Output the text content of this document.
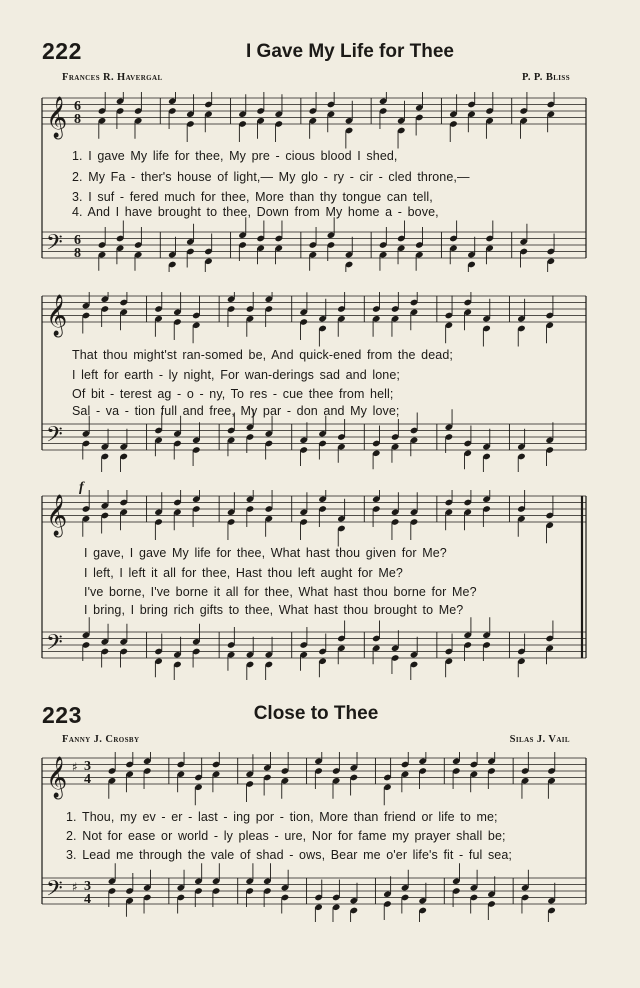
222	I Gave My Life for Thee
Frances R. Havergal	P. P. Bliss
𝄞
𝄢
6
8
6
8
1. I gave My life for thee, My pre - cious blood I shed,
2. My Fa - ther's house of light,— My glo - ry - cir - cled throne,—
3. I suf - fered much for thee, More than thy tongue can tell,
4. And I have brought to thee, Down from My home a - bove,
𝄞
𝄢
That thou might'st ran-somed be, And quick-ened from the dead;
I left for earth - ly night, For wan-derings sad and lone;
Of bit - terest ag - o - ny, To res - cue thee from hell;
Sal - va - tion full and free, My par - don and My love;
f
𝄞
𝄢
I gave, I gave My life for thee, What hast thou given for Me?
I left, I left it all for thee, Hast thou left aught for Me?
I've borne, I've borne it all for thee, What hast thou borne for Me?
I bring, I bring rich gifts to thee, What hast thou brought to Me?
223	Close to Thee
Fanny J. Crosby	Silas J. Vail
𝄞
𝄢
♯
♯
3
4
3
4
1. Thou, my ev - er - last - ing por - tion, More than friend or life to me;
2. Not for ease or world - ly pleas - ure, Nor for fame my prayer shall be;
3. Lead me through the vale of shad - ows, Bear me o'er life's fit - ful sea;
